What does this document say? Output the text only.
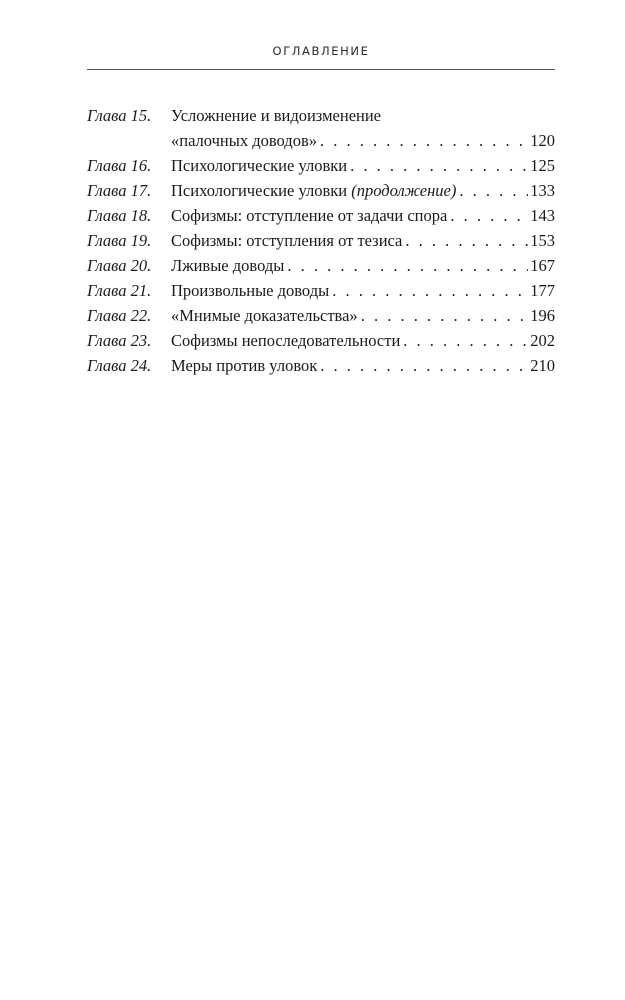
ОГЛАВЛЕНИЕ
Глава 15.	Усложнение и видоизменение
«палочных доводов» . . .	120
Глава 16.	Психологические уловки . . .	125
Глава 17.	Психологические уловки (продолжение) . . .	133
Глава 18.	Софизмы: отступление от задачи спора . . .	143
Глава 19.	Софизмы: отступления от тезиса . . .	153
Глава 20.	Лживые доводы . . .	167
Глава 21.	Произвольные доводы . . .	177
Глава 22.	«Мнимые доказательства» . . .	196
Глава 23.	Софизмы непоследовательности . . .	202
Глава 24.	Меры против уловок . . .	210
